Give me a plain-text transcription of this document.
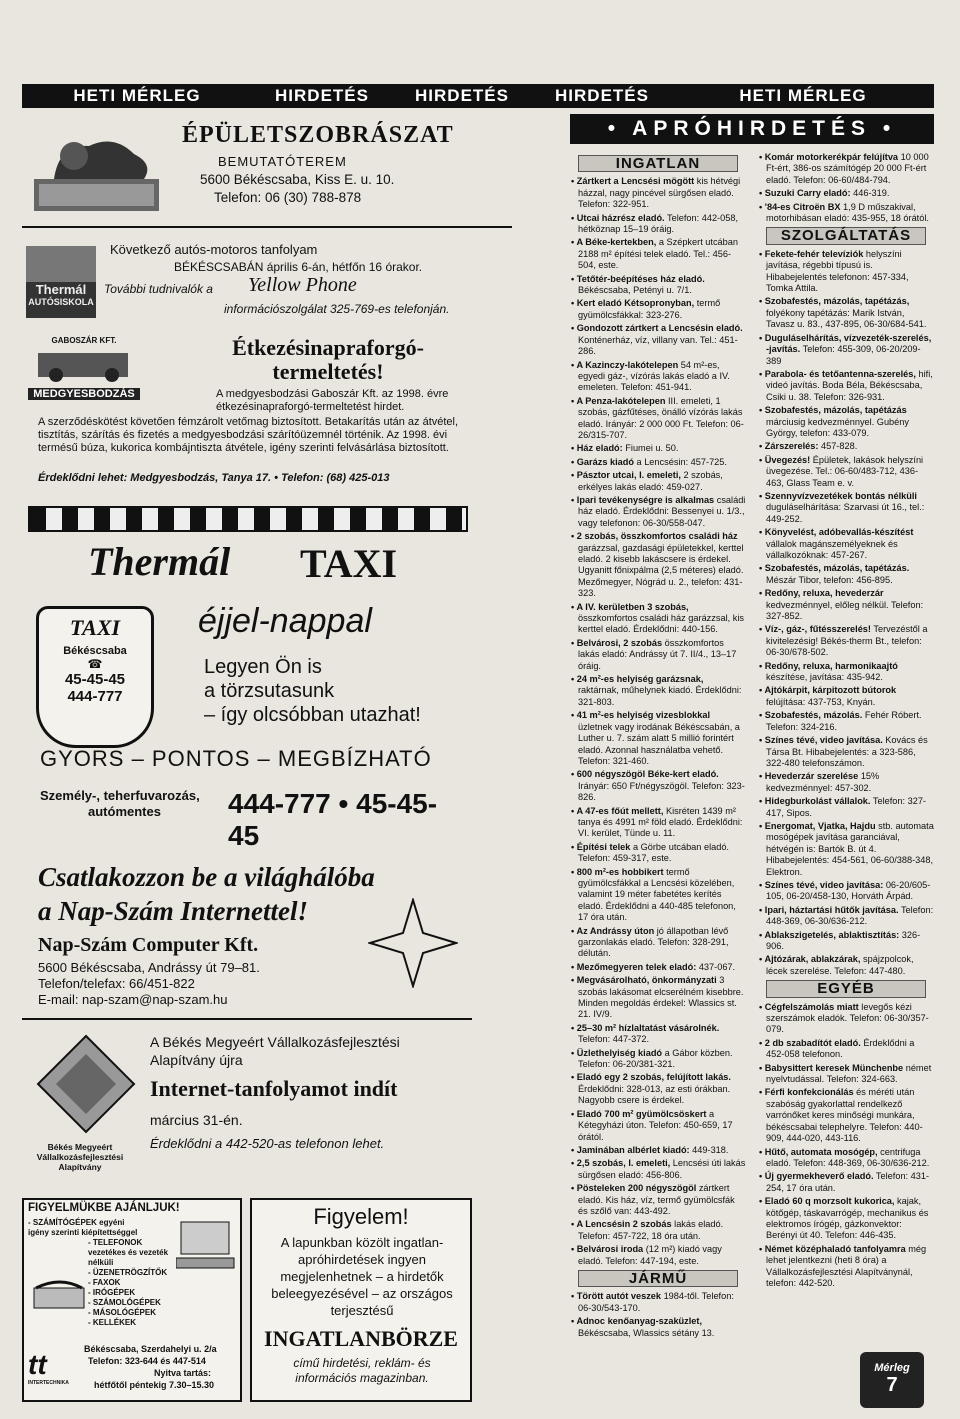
HETI MÉRLEG	HIRDETÉS	HIRDETÉS	HIRDETÉS	HETI MÉRLEG
ÉPÜLETSZOBRÁSZAT
BEMUTATÓTEREM
5600 Békéscsaba, Kiss E. u. 10.
Telefon: 06 (30) 788-878
Thermál
AUTÓSISKOLA
Következő autós-motoros tanfolyam
BÉKÉSCSABÁN április 6-án, hétfőn 16 órakor.
További tudnivalók a Yellow Phone
információszolgálat 325-769-es telefonján.
GABOSZÁR KFT.
MEDGYESBODZÁS
Étkezésinapraforgó-termeltetés!
A medgyesbodzási Gaboszár Kft. az 1998. évre étkezésinapraforgó-termeltetést hirdet.
A szerződéskötést követően fémzárolt vetőmag biztosított. Betakarítás után az átvétel, tisztítás, szárítás és fizetés a medgyesbodzási szárítóüzemnél történik. Az 1998. évi termésű búza, kukorica kombájntiszta átvétele, igény szerinti felvásárlása biztosított.
Érdeklődni lehet: Medgyesbodzás, Tanya 17. • Telefon: (68) 425-013
Thermál TAXI
TAXI
Békéscsaba
☎
45-45-45
444-777
éjjel-nappal
Legyen Ön is
a törzsutasunk
– így olcsóbban utazhat!
GYORS – PONTOS – MEGBÍZHATÓ
Személy-, teherfuvarozás,
autómentes 444-777 • 45-45-45
Csatlakozzon be a világhálóba
a Nap-Szám Internettel!
Nap-Szám Computer Kft.
5600 Békéscsaba, Andrássy út 79–81.
Telefon/telefax: 66/451-822
E-mail: nap-szam@nap-szam.hu
Békés Megyeért Vállalkozásfejlesztési Alapítvány
A Békés Megyeért Vállalkozásfejlesztési
Alapítvány újra
Internet-tanfolyamot indít
március 31-én.
Érdeklődni a 442-520-as telefonon lehet.
FIGYELMÜKBE AJÁNLJUK!
- SZÁMÍTÓGÉPEK egyéni
igény szerinti kiépítettséggel
- TELEFONOK
vezetékes és vezeték nélküli
- ÜZENETRÖGZÍTŐK
- FAXOK
- IRÓGÉPEK
- SZÁMOLÓGÉPEK
- MÁSOLÓGÉPEK
- KELLÉKEK
Békéscsaba, Szerdahelyi u. 2/a
Telefon: 323-644 és 447-514
Nyitva tartás:
hétfőtől péntekig 7.30–15.30
tt
INTERTECHNIKA
Figyelem!
A lapunkban közölt ingatlan-apróhirdetések ingyen megjelenhetnek – a hirdetők beleegyezésével – az országos terjesztésű
INGATLANBÖRZE
című hirdetési, reklám- és információs magazinban.
• APRÓHIRDETÉS •
INGATLAN
• Zártkert a Lencsési mögött kis hétvégi házzal, nagy pincével sürgősen eladó. Telefon: 322-951.
• Utcai házrész eladó. Telefon: 442-058, hétköznap 15–19 óráig.
• A Béke-kertekben, a Szépkert utcában 2188 m² építési telek eladó. Tel.: 456-504, este.
• Tetőtér-beépítéses ház eladó. Békéscsaba, Petényi u. 7/1.
• Kert eladó Kétsopronyban, termő gyümölcsfákkal: 323-276.
• Gondozott zártkert a Lencsésin eladó. Konténerház, víz, villany van. Tel.: 451-286.
• A Kazinczy-lakótelepen 54 m²-es, egyedi gáz-, vízórás lakás eladó a IV. emeleten. Telefon: 451-941.
• A Penza-lakótelepen III. emeleti, 1 szobás, gázfűtéses, önálló vízórás lakás eladó. Irányár: 2 000 000 Ft. Telefon: 06-26/315-707.
• Ház eladó: Fiumei u. 50.
• Garázs kiadó a Lencsésin: 457-725.
• Pásztor utcai, I. emeleti, 2 szobás, erkélyes lakás eladó: 459-027.
• Ipari tevékenységre is alkalmas családi ház eladó. Érdeklődni: Bessenyei u. 1/3., vagy telefonon: 06-30/558-047.
• 2 szobás, összkomfortos családi ház garázzsal, gazdasági épületekkel, kerttel eladó. 2 kisebb lakáscsere is érdekel. Ugyanitt főnixpálma (2,5 méteres) eladó. Mezőmegyer, Nógrád u. 2., telefon: 431-323.
• A IV. kerületben 3 szobás, összkomfortos családi ház garázzsal, kis kerttel eladó. Érdeklődni: 440-156.
• Belvárosi, 2 szobás összkomfortos lakás eladó: Andrássy út 7. II/4., 13–17 óráig.
• 24 m²-es helyiség garázsnak, raktárnak, műhelynek kiadó. Érdeklődni: 321-803.
• 41 m²-es helyiség vizesblokkal üzletnek vagy irodának Békéscsabán, a Luther u. 7. szám alatt 5 millió forintért eladó. Azonnal használatba vehető. Telefon: 321-460.
• 600 négyszögöl Béke-kert eladó. Irányár: 650 Ft/négyszögöl. Telefon: 323-826.
• A 47-es főút mellett, Kisréten 1439 m² tanya és 4991 m² föld eladó. Érdeklődni: VI. kerület, Tünde u. 11.
• Építési telek a Görbe utcában eladó. Telefon: 459-317, este.
• 800 m²-es hobbikert termő gyümölcsfákkal a Lencsési közelében, valamint 19 méter fabetétes kerítés eladó. Érdeklődni a 440-485 telefonon, 17 óra után.
• Az Andrássy úton jó állapotban lévő garzonlakás eladó. Telefon: 328-291, délután.
• Mezőmegyeren telek eladó: 437-067.
• Megvásárolható, önkormányzati 3 szobás lakásomat elcserélném kisebbre. Minden megoldás érdekel: Wlassics st. 21. IV/9.
• 25–30 m² hízlaltatást vásárolnék. Telefon: 447-372.
• Üzlethelyiség kiadó a Gábor közben. Telefon: 06-20/381-321.
• Eladó egy 2 szobás, felújított lakás. Érdeklődni: 328-013, az esti órákban. Nagyobb csere is érdekel.
• Eladó 700 m² gyümölcsöskert a Kétegyházi úton. Telefon: 450-659, 17 órától.
• Jaminában albérlet kiadó: 449-318.
• 2,5 szobás, I. emeleti, Lencsési úti lakás sürgősen eladó: 456-806.
• Pösteleken 200 négyszögöl zártkert eladó. Kis ház, víz, termő gyümölcsfák és szőlő van: 443-492.
• A Lencsésin 2 szobás lakás eladó. Telefon: 457-722, 18 óra után.
• Belvárosi iroda (12 m²) kiadó vagy eladó. Telefon: 447-194, este.
JÁRMŰ
• Törött autót veszek 1984-től. Telefon: 06-30/543-170.
• Adnoc kenőanyag-szaküzlet, Békéscsaba, Wlassics sétány 13.
• Komár motorkerékpár felújítva 10 000 Ft-ért, 386-os számítógép 20 000 Ft-ért eladó. Telefon: 06-60/484-794.
• Suzuki Carry eladó: 446-319.
• '84-es Citroën BX 1,9 D műszakival, motorhibásan eladó: 435-955, 18 órától.
SZOLGÁLTATÁS
• Fekete-fehér televíziók helyszíni javítása, régebbi típusú is. Hibabejelentés telefonon: 457-334, Tomka Attila.
• Szobafestés, mázolás, tapétázás, folyékony tapétázás: Marik István, Tavasz u. 83., 437-895, 06-30/684-541.
• Duguláselhárítás, vízvezeték-szerelés, -javítás. Telefon: 455-309, 06-20/209-389
• Parabola- és tetőantenna-szerelés, hifi, videó javítás. Boda Béla, Békéscsaba, Csiki u. 38. Telefon: 326-931.
• Szobafestés, mázolás, tapétázás márciusig kedvezménnyel. Gubény György, telefon: 433-079.
• Zárszerelés: 457-828.
• Üvegezés! Épületek, lakások helyszíni üvegezése. Tel.: 06-60/483-712, 436-463, Glass Team e. v.
• Szennyvízvezetékek bontás nélküli duguláselhárítása: Szarvasi út 16., tel.: 449-252.
• Könyvelést, adóbevallás-készítést vállalok magánszemélyeknek és vállalkozóknak: 457-267.
• Szobafestés, mázolás, tapétázás. Mészár Tibor, telefon: 456-895.
• Redőny, reluxa, hevederzár kedvezménnyel, előleg nélkül. Telefon: 327-852.
• Víz-, gáz-, fűtésszerelés! Tervezéstől a kivitelezésig! Békés-therm Bt., telefon: 06-30/678-502.
• Redőny, reluxa, harmonikaajtó készítése, javítása: 435-942.
• Ajtókárpit, kárpitozott bútorok felújítása: 437-753, Knyán.
• Szobafestés, mázolás. Fehér Róbert. Telefon: 324-216.
• Színes tévé, video javítása. Kovács és Társa Bt. Hibabejelentés: a 323-586, 322-480 telefonszámon.
• Hevederzár szerelése 15% kedvezménnyel: 457-302.
• Hidegburkolást vállalok. Telefon: 327-417, Sipos.
• Energomat, Vjatka, Hajdu stb. automata mosógépek javítása garanciával, hétvégén is: Bartók B. út 4. Hibabejelentés: 454-561, 06-60/388-348, Elektron.
• Színes tévé, video javítása: 06-20/605-105, 06-20/458-130, Horváth Árpád.
• Ipari, háztartási hűtők javítása. Telefon: 448-369, 06-30/636-212.
• Ablakszigetelés, ablaktisztítás: 326-906.
• Ajtózárak, ablakzárak, spájzpolcok, lécek szerelése. Telefon: 447-480.
EGYÉB
• Cégfelszámolás miatt levegős kézi szerszámok eladók. Telefon: 06-30/357-079.
• 2 db szabadítót eladó. Érdeklődni a 452-058 telefonon.
• Babysittert keresek Münchenbe német nyelvtudással. Telefon: 324-663.
• Férfi konfekcionálás és méréti után szabóság gyakorlattal rendelkező varrónőket keres minőségi munkára, békéscsabai telephelyre. Telefon: 440-909, 444-020, 443-116.
• Hűtő, automata mosógép, centrifuga eladó. Telefon: 448-369, 06-30/636-212.
• Új gyermekheverő eladó. Telefon: 431-254, 17 óra után.
• Eladó 60 q morzsolt kukorica, kajak, kötőgép, táskavarrógép, mechanikus és elektromos írógép, gázkonvektor: Berényi út 40. Telefon: 446-435.
• Német középhaladó tanfolyamra még lehet jelentkezni (heti 8 óra) a Vállalkozásfejlesztési Alapítványnál, telefon: 442-520.
Mérleg
7
